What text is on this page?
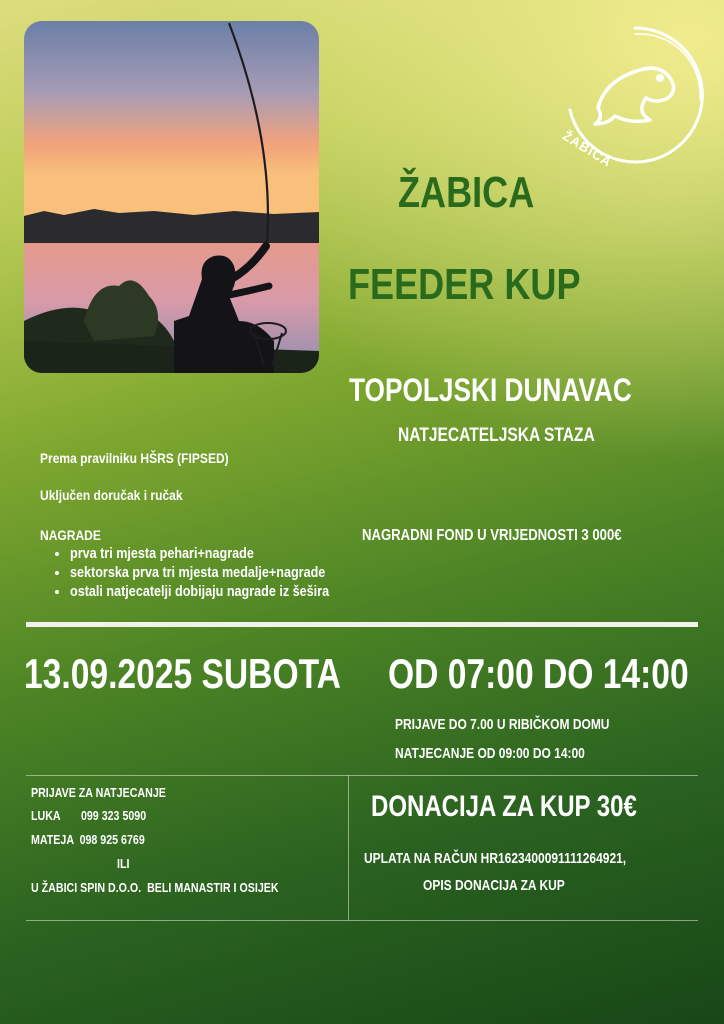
ŽABICA
ŽABICA
FEEDER KUP
TOPOLJSKI DUNAVAC
NATJECATELJSKA STAZA
Prema pravilniku HŠRS (FIPSED)
Uključen doručak i ručak
NAGRADE
• prva tri mjesta pehari+nagrade
• sektorska prva tri mjesta medalje+nagrade
• ostali natjecatelji dobijaju nagrade iz šešira
NAGRADNI FOND U VRIJEDNOSTI 3 000€
13.09.2025 SUBOTA	OD 07:00 DO 14:00
PRIJAVE DO 7.00 U RIBIČKOM DOMU
NATJECANJE OD 09:00 DO 14:00
PRIJAVE ZA NATJECANJE
LUKA       099 323 5090
MATEJA  098 925 6769
ILI
U ŽABICI SPIN D.O.O.  BELI MANASTIR I OSIJEK
DONACIJA ZA KUP 30€
UPLATA NA RAČUN HR1623400091111264921,
OPIS DONACIJA ZA KUP
